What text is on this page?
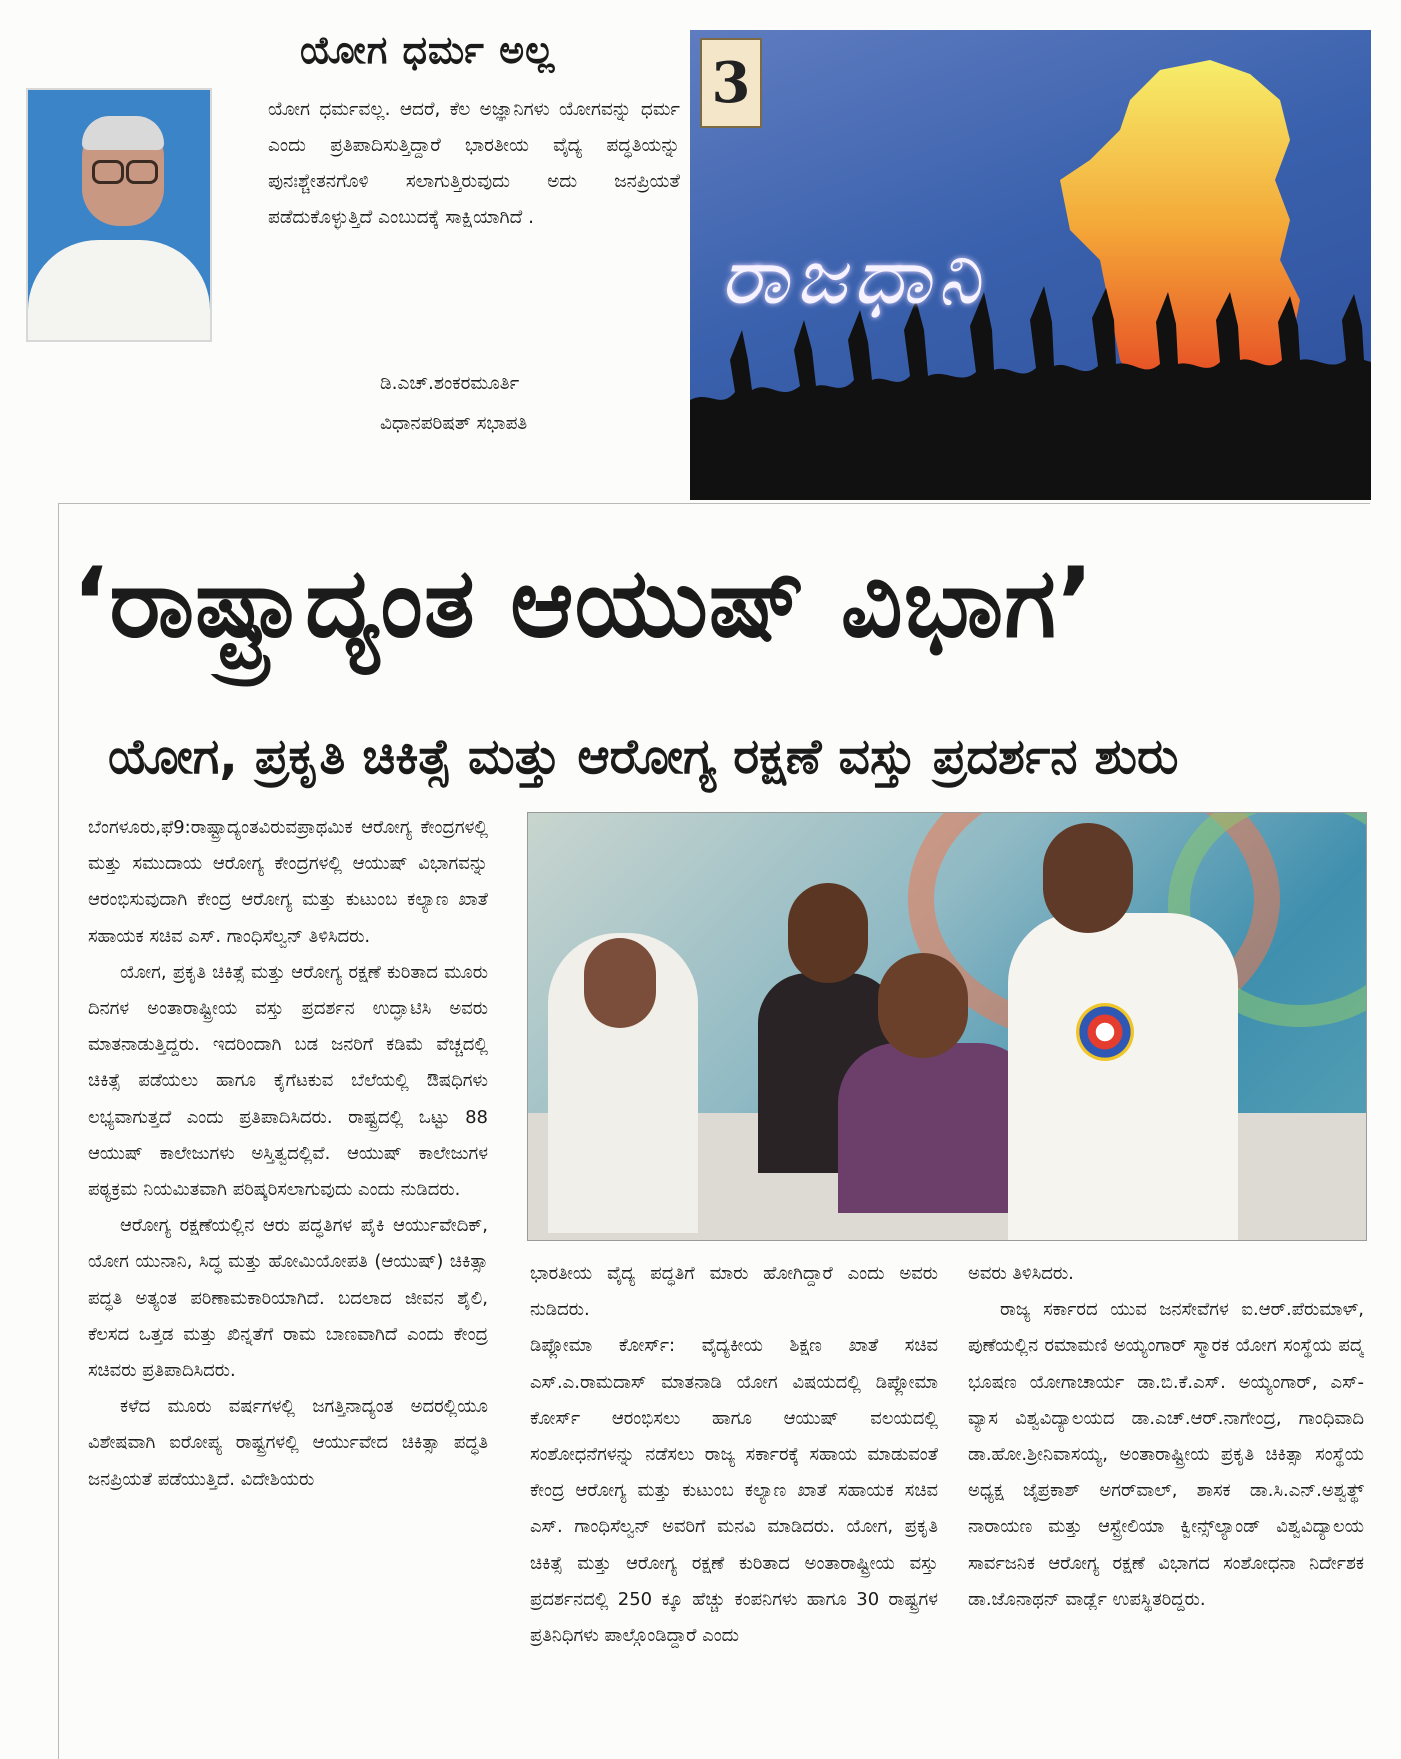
ಯೋಗ ಧರ್ಮ ಅಲ್ಲ
ಯೋಗ ಧರ್ಮವಲ್ಲ. ಆದರೆ, ಕೆಲ ಅಜ್ಞಾನಿಗಳು ಯೋಗವನ್ನು ಧರ್ಮ ಎಂದು ಪ್ರತಿಪಾದಿಸುತ್ತಿದ್ದಾರೆ ಭಾರತೀಯ ವೈದ್ಯ ಪದ್ಧತಿಯನ್ನು ಪುನಃಶ್ಚೇತನಗೊಳಿ ಸಲಾಗುತ್ತಿರುವುದು ಅದು ಜನಪ್ರಿಯತೆ ಪಡೆದುಕೊಳ್ಳುತ್ತಿದೆ ಎಂಬುದಕ್ಕೆ ಸಾಕ್ಷಿಯಾಗಿದೆ .
ಡಿ.ಎಚ್.ಶಂಕರಮೂರ್ತಿ
ವಿಧಾನಪರಿಷತ್ ಸಭಾಪತಿ
3
ರಾಜಧಾನಿ
‘ರಾಷ್ಟ್ರಾದ್ಯಂತ ಆಯುಷ್ ವಿಭಾಗ’
ಯೋಗ, ಪ್ರಕೃತಿ ಚಿಕಿತ್ಸೆ ಮತ್ತು ಆರೋಗ್ಯ ರಕ್ಷಣೆ ವಸ್ತು ಪ್ರದರ್ಶನ ಶುರು

ಬೆಂಗಳೂರು,ಫೆ9:ರಾಷ್ಟ್ರಾದ್ಯಂತವಿರುವಪ್ರಾಥಮಿಕ ಆರೋಗ್ಯ ಕೇಂದ್ರಗಳಲ್ಲಿ ಮತ್ತು ಸಮುದಾಯ ಆರೋಗ್ಯ ಕೇಂದ್ರಗಳಲ್ಲಿ ಆಯುಷ್ ವಿಭಾಗವನ್ನು ಆರಂಭಿಸುವುದಾಗಿ ಕೇಂದ್ರ ಆರೋಗ್ಯ ಮತ್ತು ಕುಟುಂಬ ಕಲ್ಯಾಣ ಖಾತೆ ಸಹಾಯಕ ಸಚಿವ ಎಸ್. ಗಾಂಧಿಸೆಲ್ವನ್ ತಿಳಿಸಿದರು.

ಯೋಗ, ಪ್ರಕೃತಿ ಚಿಕಿತ್ಸೆ ಮತ್ತು ಆರೋಗ್ಯ ರಕ್ಷಣೆ ಕುರಿತಾದ ಮೂರು ದಿನಗಳ ಅಂತಾರಾಷ್ಟ್ರೀಯ ವಸ್ತು ಪ್ರದರ್ಶನ ಉದ್ಘಾಟಿಸಿ ಅವರು ಮಾತನಾಡುತ್ತಿದ್ದರು. ಇದರಿಂದಾಗಿ ಬಡ ಜನರಿಗೆ ಕಡಿಮೆ ವೆಚ್ಚದಲ್ಲಿ ಚಿಕಿತ್ಸೆ ಪಡೆಯಲು ಹಾಗೂ ಕೈಗೆಟಕುವ ಬೆಲೆಯಲ್ಲಿ ಔಷಧಿಗಳು ಲಭ್ಯವಾಗುತ್ತದೆ ಎಂದು ಪ್ರತಿಪಾದಿಸಿದರು. ರಾಷ್ಟ್ರದಲ್ಲಿ ಒಟ್ಟು 88 ಆಯುಷ್ ಕಾಲೇಜುಗಳು ಅಸ್ತಿತ್ವದಲ್ಲಿವೆ. ಆಯುಷ್ ಕಾಲೇಜುಗಳ ಪಠ್ಯಕ್ರಮ ನಿಯಮಿತವಾಗಿ ಪರಿಷ್ಕರಿಸಲಾಗುವುದು ಎಂದು ನುಡಿದರು.

ಆರೋಗ್ಯ ರಕ್ಷಣೆಯಲ್ಲಿನ ಆರು ಪದ್ಧತಿಗಳ ಪೈಕಿ ಆರ್ಯುವೇದಿಕ್, ಯೋಗ ಯುನಾನಿ, ಸಿದ್ಧ ಮತ್ತು ಹೋಮಿಯೋಪತಿ (ಆಯುಷ್) ಚಿಕಿತ್ಸಾ ಪದ್ಧತಿ ಅತ್ಯಂತ ಪರಿಣಾಮಕಾರಿಯಾಗಿದೆ. ಬದಲಾದ ಜೀವನ ಶೈಲಿ, ಕೆಲಸದ ಒತ್ತಡ ಮತ್ತು ಖಿನ್ನತೆಗೆ ರಾಮ ಬಾಣವಾಗಿದೆ ಎಂದು ಕೇಂದ್ರ ಸಚಿವರು ಪ್ರತಿಪಾದಿಸಿದರು.

ಕಳೆದ ಮೂರು ವರ್ಷಗಳಲ್ಲಿ ಜಗತ್ತಿನಾದ್ಯಂತ ಅದರಲ್ಲಿಯೂ ವಿಶೇಷವಾಗಿ ಐರೋಪ್ಯ ರಾಷ್ಟ್ರಗಳಲ್ಲಿ ಆರ್ಯುವೇದ ಚಿಕಿತ್ಸಾ ಪದ್ಧತಿ ಜನಪ್ರಿಯತೆ ಪಡೆಯುತ್ತಿದೆ. ವಿದೇಶಿಯರು

ಭಾರತೀಯ ವೈದ್ಯ ಪದ್ಧತಿಗೆ ಮಾರು ಹೋಗಿದ್ದಾರೆ ಎಂದು ಅವರು ನುಡಿದರು.

ಡಿಪ್ಲೋಮಾ ಕೋರ್ಸ್: ವೈದ್ಯಕೀಯ ಶಿಕ್ಷಣ ಖಾತೆ ಸಚಿವ ಎಸ್.ಎ.ರಾಮದಾಸ್ ಮಾತನಾಡಿ ಯೋಗ ವಿಷಯದಲ್ಲಿ ಡಿಪ್ಲೋಮಾ ಕೋರ್ಸ್ ಆರಂಭಿಸಲು ಹಾಗೂ ಆಯುಷ್ ವಲಯದಲ್ಲಿ ಸಂಶೋಧನೆಗಳನ್ನು ನಡೆಸಲು ರಾಜ್ಯ ಸರ್ಕಾರಕ್ಕೆ ಸಹಾಯ ಮಾಡುವಂತೆ ಕೇಂದ್ರ ಆರೋಗ್ಯ ಮತ್ತು ಕುಟುಂಬ ಕಲ್ಯಾಣ ಖಾತೆ ಸಹಾಯಕ ಸಚಿವ ಎಸ್. ಗಾಂಧಿಸೆಲ್ವನ್ ಅವರಿಗೆ ಮನವಿ ಮಾಡಿದರು. ಯೋಗ, ಪ್ರಕೃತಿ ಚಿಕಿತ್ಸೆ ಮತ್ತು ಆರೋಗ್ಯ ರಕ್ಷಣೆ ಕುರಿತಾದ ಅಂತಾರಾಷ್ಟ್ರೀಯ ವಸ್ತು ಪ್ರದರ್ಶನದಲ್ಲಿ 250 ಕ್ಕೂ ಹೆಚ್ಚು ಕಂಪನಿಗಳು ಹಾಗೂ 30 ರಾಷ್ಟ್ರಗಳ ಪ್ರತಿನಿಧಿಗಳು ಪಾಲ್ಗೊಂಡಿದ್ದಾರೆ ಎಂದು

ಅವರು ತಿಳಿಸಿದರು.

ರಾಜ್ಯ ಸರ್ಕಾರದ ಯುವ ಜನಸೇವೆಗಳ ಐ.ಆರ್.ಪೆರುಮಾಳ್, ಪುಣೆಯಲ್ಲಿನ ರಮಾಮಣಿ ಅಯ್ಯಂಗಾರ್ ಸ್ಮಾರಕ ಯೋಗ ಸಂಸ್ಥೆಯ ಪದ್ಮ ಭೂಷಣ ಯೋಗಾಚಾರ್ಯ ಡಾ.ಬಿ.ಕೆ.ಎಸ್. ಅಯ್ಯಂಗಾರ್, ಎಸ್-ವ್ಯಾಸ ವಿಶ್ವವಿದ್ಯಾಲಯದ ಡಾ.ಎಚ್.ಆರ್.ನಾಗೇಂದ್ರ, ಗಾಂಧಿವಾದಿ ಡಾ.ಹೋ.ಶ್ರೀನಿವಾಸಯ್ಯ, ಅಂತಾರಾಷ್ಟ್ರೀಯ ಪ್ರಕೃತಿ ಚಿಕಿತ್ಸಾ ಸಂಸ್ಥೆಯ ಅಧ್ಯಕ್ಷ ಜೈಪ್ರಕಾಶ್ ಅಗರ್‌ವಾಲ್, ಶಾಸಕ ಡಾ.ಸಿ.ಎನ್.ಅಶ್ವತ್ಥ್ ನಾರಾಯಣ ಮತ್ತು ಆಸ್ಟ್ರೇಲಿಯಾ ಕ್ವೀನ್ಸ್‌ಲ್ಯಾಂಡ್ ವಿಶ್ವವಿದ್ಯಾಲಯ ಸಾರ್ವಜನಿಕ ಆರೋಗ್ಯ ರಕ್ಷಣೆ ವಿಭಾಗದ ಸಂಶೋಧನಾ ನಿರ್ದೇಶಕ ಡಾ.ಜೊನಾಥನ್ ವಾರ್ಡ್ಲೆ ಉಪಸ್ಥಿತರಿದ್ದರು.
